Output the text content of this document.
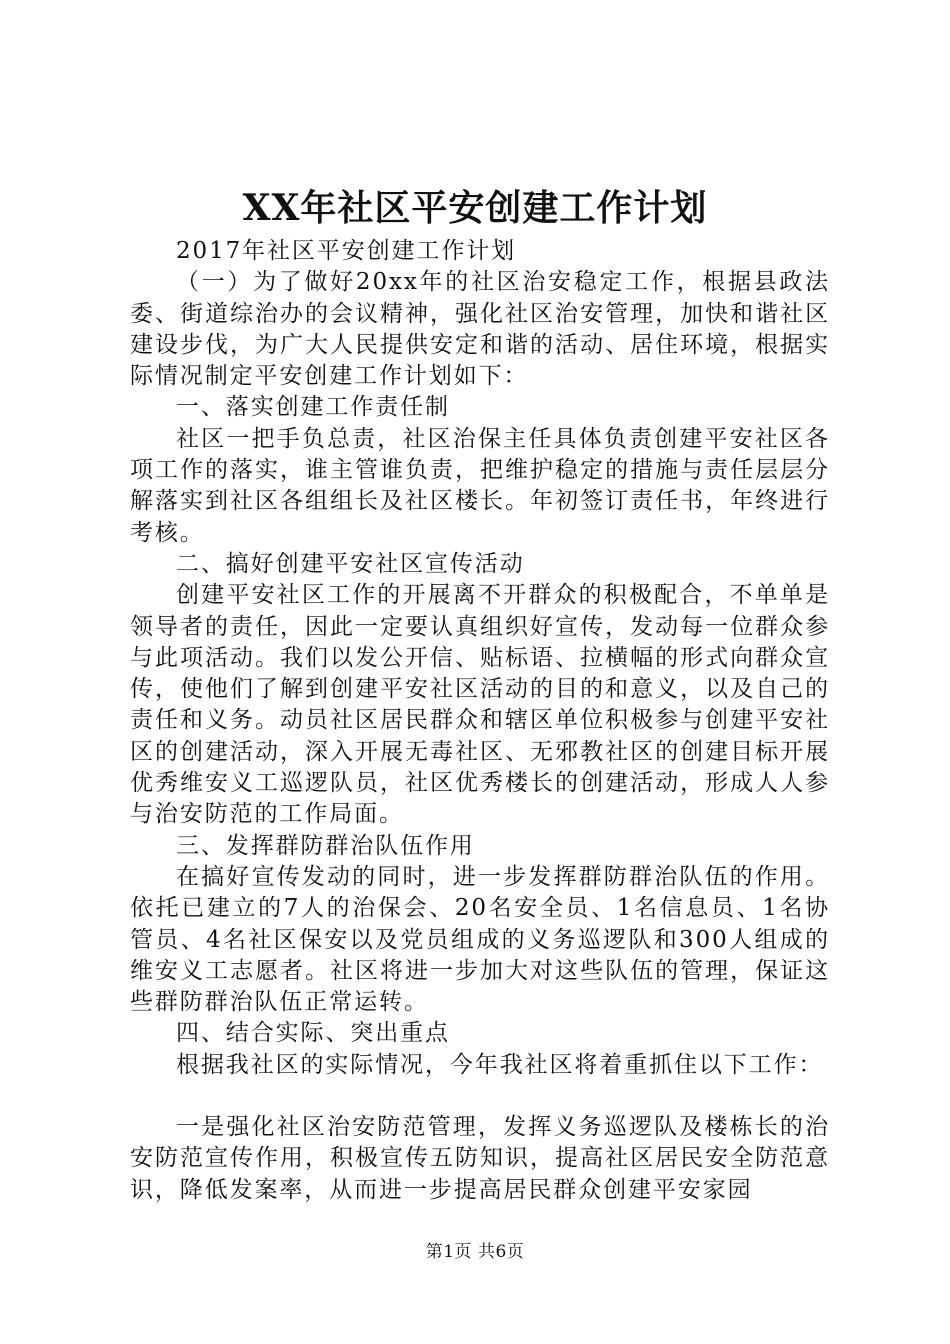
XX年社区平安创建工作计划

2017年社区平安创建工作计划

（一）为了做好20xx年的社区治安稳定工作，根据县政法委、街道综治办的会议精神，强化社区治安管理，加快和谐社区建设步伐，为广大人民提供安定和谐的活动、居住环境，根据实际情况制定平安创建工作计划如下：

一、落实创建工作责任制

社区一把手负总责，社区治保主任具体负责创建平安社区各项工作的落实，谁主管谁负责，把维护稳定的措施与责任层层分解落实到社区各组组长及社区楼长。年初签订责任书，年终进行考核。

二、搞好创建平安社区宣传活动

创建平安社区工作的开展离不开群众的积极配合，不单单是领导者的责任，因此一定要认真组织好宣传，发动每一位群众参与此项活动。我们以发公开信、贴标语、拉横幅的形式向群众宣传，使他们了解到创建平安社区活动的目的和意义，以及自己的责任和义务。动员社区居民群众和辖区单位积极参与创建平安社区的创建活动，深入开展无毒社区、无邪教社区的创建目标开展优秀维安义工巡逻队员，社区优秀楼长的创建活动，形成人人参与治安防范的工作局面。

三、发挥群防群治队伍作用

在搞好宣传发动的同时，进一步发挥群防群治队伍的作用。依托已建立的7人的治保会、20名安全员、1名信息员、1名协管员、4名社区保安以及党员组成的义务巡逻队和300人组成的维安义工志愿者。社区将进一步加大对这些队伍的管理，保证这些群防群治队伍正常运转。

四、结合实际、突出重点

根据我社区的实际情况，今年我社区将着重抓住以下工作：

一是强化社区治安防范管理，发挥义务巡逻队及楼栋长的治安防范宣传作用，积极宣传五防知识，提高社区居民安全防范意识，降低发案率，从而进一步提高居民群众创建平安家园

第1页 共6页
